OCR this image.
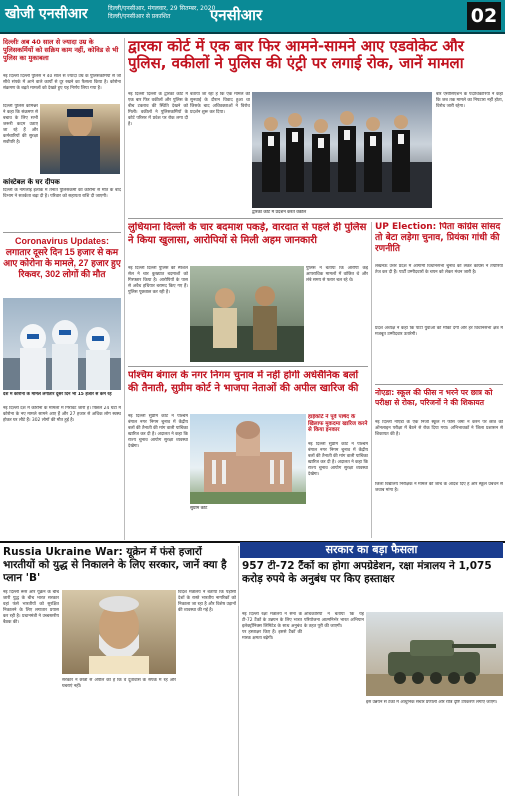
खोजी एनसीआर	दिल्ली/एनसीआर, मंगलवार, 29 सितम्बर, 2020
दिल्ली/एनसीआर से प्रकाशित	एनसीआर	02
दिल्लीः अब 40 साल से ज्यादा उम्र के पुलिसकर्मियों को सक्रिय काम नहीं, कोविड से भी पुलिस का मुकाबला
नई दिल्ली दिल्ली पुलिस ने 40 साल से ज्यादा उम्र के पुलिसकर्मियों से जो सीधे संपर्क में आने वाले कार्यों से दूर रखने का फैसला किया है। कोरोना संक्रमण के बढ़ते मामलों को देखते हुए यह निर्णय लिया गया है।
दिल्ली पुलिस कमिश्नर ने कहा कि संक्रमण से बचाव के लिए सभी जरूरी कदम उठाए जा रहे हैं और कर्मचारियों की सुरक्षा सर्वोपरि है।
कांस्टेबल के घर दीपक
दिल्ली के नांगलोई इलाके में तैनात पुलिसकर्मी की कोरोना से मौत के बाद विभाग ने सतर्कता बढ़ा दी है। परिवार को सहायता राशि दी जाएगी।
Coronavirus Updates: लगातार दूसरे दिन 15 हजार से कम आए कोरोना के मामले, 27 हजार हुए रिकवर, 302 लोगों की मौत
देश में कोरोना के मामले लगातार दूसरे दिन भी 15 हजार से कम रहे
नई दिल्ली देश में कोरोना के मामलों में गिरावट जारी है। पिछले 24 घंटों में कोरोना के नए मामले सामने आए हैं और 27 हजार से अधिक लोग स्वस्थ होकर घर लौटे हैं। 302 लोगों की मौत हुई है।
द्वारका कोर्ट में एक बार फिर आमने-सामने आए एडवोकेट और पुलिस, वकीलों ने पुलिस की एंट्री पर लगाई रोक, जानें मामला
नई दिल्ली दिल्ली के द्वारका कोर्ट में एक बार फिर वकीलों और पुलिस के बीच टकराव की स्थिति देखने को मिली। वकीलों ने पुलिसकर्मियों के कोर्ट परिसर में प्रवेश पर रोक लगा दी है।
बताया जा रहा है कि एक मामले की सुनवाई के दौरान विवाद हुआ था जिसके बाद अधिवक्ताओं ने विरोध प्रदर्शन शुरू कर दिया।
बार एसोसिएशन के पदाधिकारियों ने कहा कि जब तक मामले का निपटारा नहीं होता, विरोध जारी रहेगा।
द्वारका कोर्ट में प्रदर्शन करते वकील
लुधियाना दिल्ली के चार बदमाश पकड़े, वारदात से पहले ही पुलिस ने किया खुलासा, आरोपियों से मिली अहम जानकारी
नई दिल्ली दिल्ली पुलिस की स्पेशल सेल ने चार कुख्यात बदमाशों को गिरफ्तार किया है। आरोपियों के पास से अवैध हथियार बरामद किए गए हैं। पुलिस पूछताछ कर रही है।
पुलिस ने बताया कि आरोपी कई आपराधिक मामलों में वांछित थे और लंबे समय से फरार चल रहे थे।
UP Election: पिता कांग्रेस सांसद तो बेटा लड़ेगा चुनाव, प्रियंका गांधी की रणनीति
लखनऊ उत्तर प्रदेश में आगामी विधानसभा चुनाव को लेकर कांग्रेस ने तैयारियां तेज कर दी हैं। पार्टी उम्मीदवारों के चयन को लेकर मंथन जारी है।
प्रदेश अध्यक्ष ने कहा कि पार्टी युवाओं को मौका देगी और हर विधानसभा क्षेत्र में मजबूत उम्मीदवार उतारेगी।
पश्चिम बंगाल के नगर निगम चुनाव में नहीं होगी अर्धसैनिक बलों की तैनाती, सुप्रीम कोर्ट ने भाजपा नेताओं की अपील खारिज की
नई दिल्ली सुप्रीम कोर्ट ने पश्चिम बंगाल नगर निगम चुनाव में केंद्रीय बलों की तैनाती की मांग वाली याचिका खारिज कर दी है। अदालत ने कहा कि राज्य चुनाव आयोग सुरक्षा व्यवस्था देखेगा।
सुप्रीम कोर्ट
हाईकोर्ट ने पूर्व पार्षद के खिलाफ मुकदमा खारिज करने से किया इनकार
नई दिल्ली सुप्रीम कोर्ट ने पश्चिम बंगाल नगर निगम चुनाव में केंद्रीय बलों की तैनाती की मांग वाली याचिका खारिज कर दी है। अदालत ने कहा कि राज्य चुनाव आयोग सुरक्षा व्यवस्था देखेगा।
नोएडा: स्कूल की फीस न भरने पर छात्र को परीक्षा से रोका, परिजनों ने की शिकायत
नई दिल्ली नोएडा के एक निजी स्कूल में फीस जमा न करने पर छात्र को ऑनलाइन परीक्षा में बैठने से रोक दिया गया। अभिभावकों ने जिला प्रशासन से शिकायत की है।
जिला विद्यालय निरीक्षक ने मामले की जांच के आदेश दिए हैं और स्कूल प्रबंधन से जवाब मांगा है।
Russia Ukraine War: यूक्रेन में फंसे हजारों भारतीयों को युद्ध से निकालने के लिए सरकार, जानें क्या है प्लान 'B'
नई दिल्ली रूस और यूक्रेन के बीच जारी युद्ध के बीच भारत सरकार वहां फंसे भारतीयों को सुरक्षित निकालने के लिए लगातार प्रयास कर रही है। प्रधानमंत्री ने उच्चस्तरीय बैठक की।
विदेश मंत्रालय ने बताया कि पड़ोसी देशों के रास्ते भारतीय नागरिकों को निकाला जा रहा है और विशेष उड़ानों की व्यवस्था की गई है।
सरकार ने छात्रों से अपील की है कि वे दूतावास के संपर्क में रहें और घबराएं नहीं।
सरकार का बड़ा फैसला
957 टी-72 टैंकों का होगा अपग्रेडेशन, रक्षा मंत्रालय ने 1,075 करोड़ रुपये के अनुबंध पर किए हस्ताक्षर
नई दिल्ली रक्षा मंत्रालय ने सेना के टी-72 टैंकों के उन्नयन के लिए भारत इलेक्ट्रॉनिक्स लिमिटेड के साथ अनुबंध पर हस्ताक्षर किए हैं। इससे टैंकों की मारक क्षमता बढ़ेगी।
अधिकारियों ने बताया कि यह परियोजना आत्मनिर्भर भारत अभियान के तहत पूरी की जाएगी।
इस उन्नयन से टैंकों में आधुनिक संचार प्रणाली और रात्रि दृष्टि उपकरण लगाए जाएंगे।
